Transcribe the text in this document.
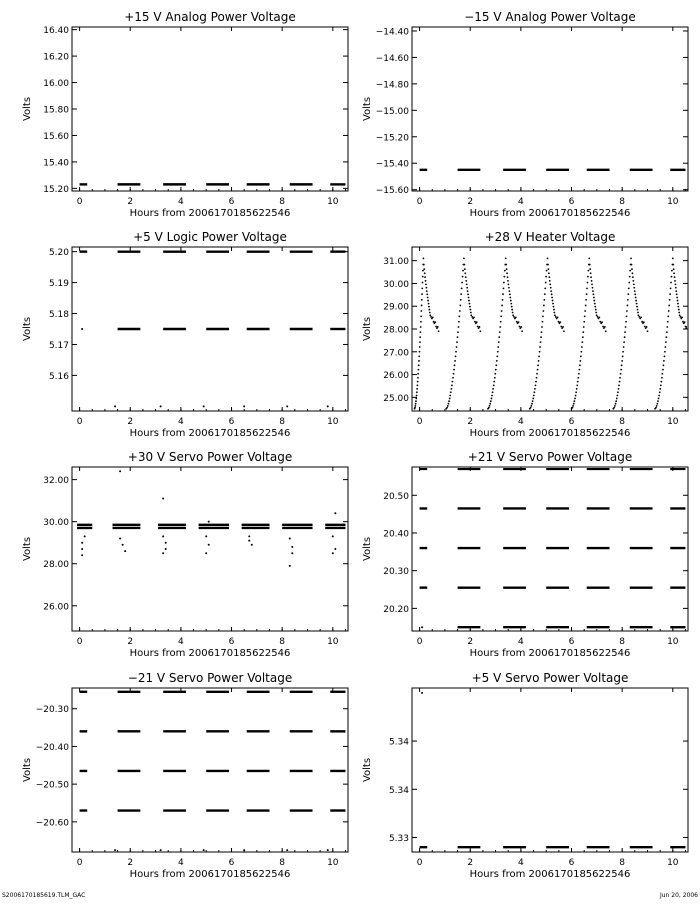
+15 V Analog Power Voltage
0	2	4	6	8	10
15.20
15.40
15.60
15.80
16.00
16.20
16.40
Hours from 2006170185622546
Volts
−15 V Analog Power Voltage
0	2	4	6	8	10
−15.60
−15.40
−15.20
−15.00
−14.80
−14.60
−14.40
Hours from 2006170185622546
Volts
+5 V Logic Power Voltage
0	2	4	6	8	10
5.16
5.17
5.18
5.19
5.20
Hours from 2006170185622546
Volts
+28 V Heater Voltage
0	2	4	6	8	10
25.00
26.00
27.00
28.00
29.00
30.00
31.00
Hours from 2006170185622546
Volts
+30 V Servo Power Voltage
0	2	4	6	8	10
26.00
28.00
30.00
32.00
Hours from 2006170185622546
Volts
+21 V Servo Power Voltage
0	2	4	6	8	10
20.20
20.30
20.40
20.50
Hours from 2006170185622546
Volts
−21 V Servo Power Voltage
0	2	4	6	8	10
−20.60
−20.50
−20.40
−20.30
Hours from 2006170185622546
Volts
+5 V Servo Power Voltage
0	2	4	6	8	10
5.33
5.34
5.34
Hours from 2006170185622546
Volts
S2006170185619.TLM_GAC	Jun 20, 2006
